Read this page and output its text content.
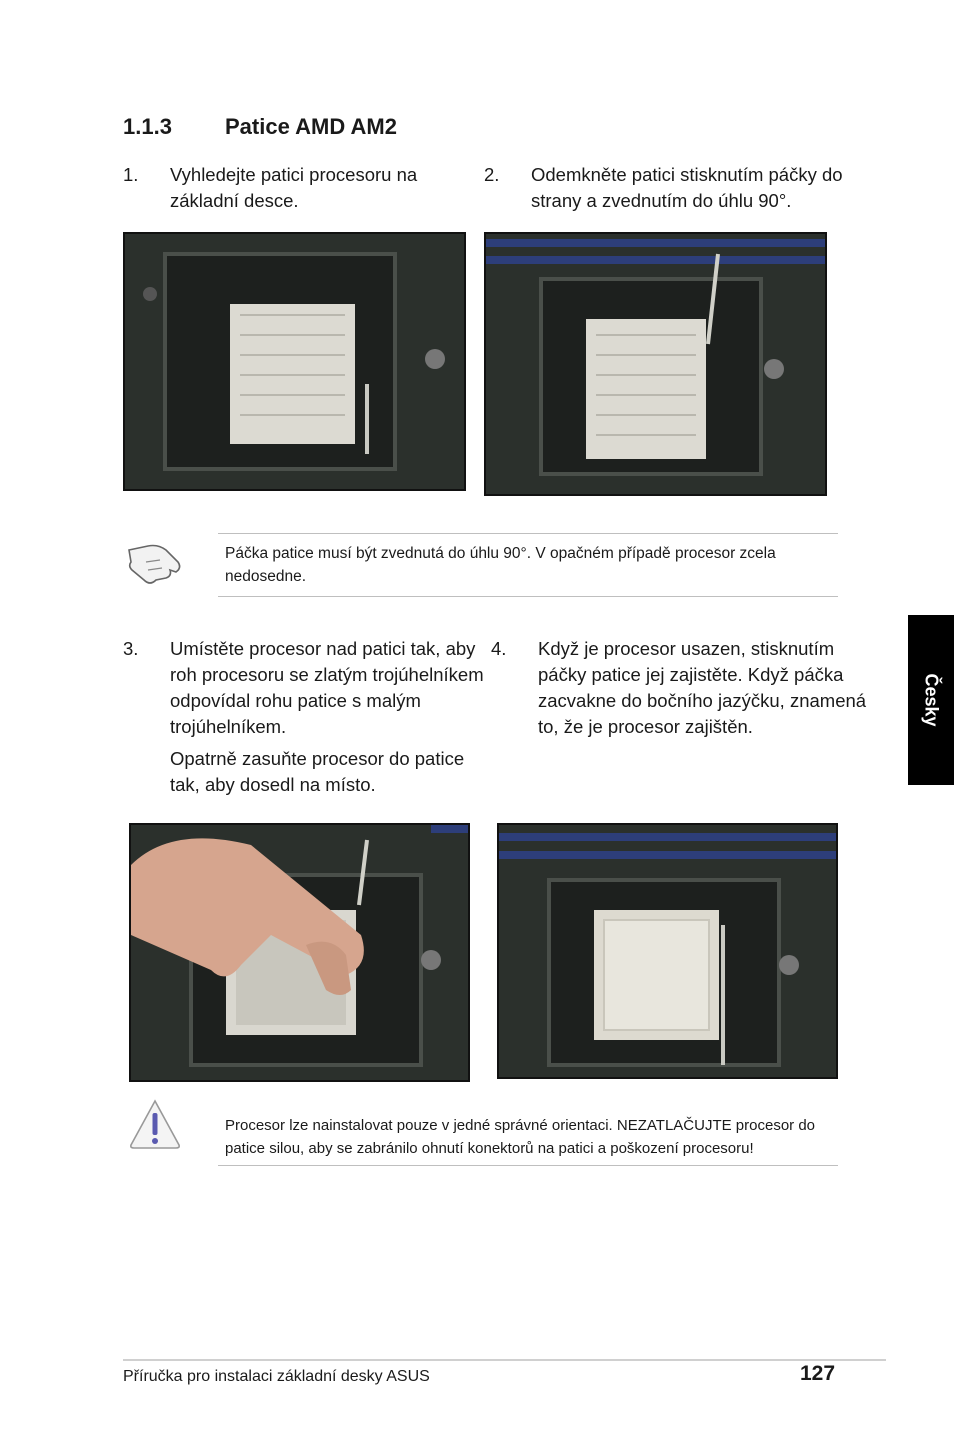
1.1.3 Patice AMD AM2
1. Vyhledejte patici procesoru na základní desce.
2. Odemkněte patici stisknutím páčky do strany a zvednutím do úhlu 90°.
Páčka patice musí být zvednutá do úhlu 90°. V opačném případě procesor zcela nedosedne.
3. Umístěte procesor nad patici tak, aby roh procesoru se zlatým trojúhelníkem odpovídal rohu patice s malým trojúhelníkem.
Opatrně zasuňte procesor do patice tak, aby dosedl na místo.
4. Když je procesor usazen, stisknutím páčky patice jej zajistěte. Když páčka zacvakne do bočního jazýčku, znamená to, že je procesor zajištěn.
Procesor lze nainstalovat pouze v jedné správné orientaci. NEZATLAČUJTE procesor do patice silou, aby se zabránilo ohnutí konektorů na patici a poškození procesoru!
Česky
Příručka pro instalaci základní desky ASUS	127
